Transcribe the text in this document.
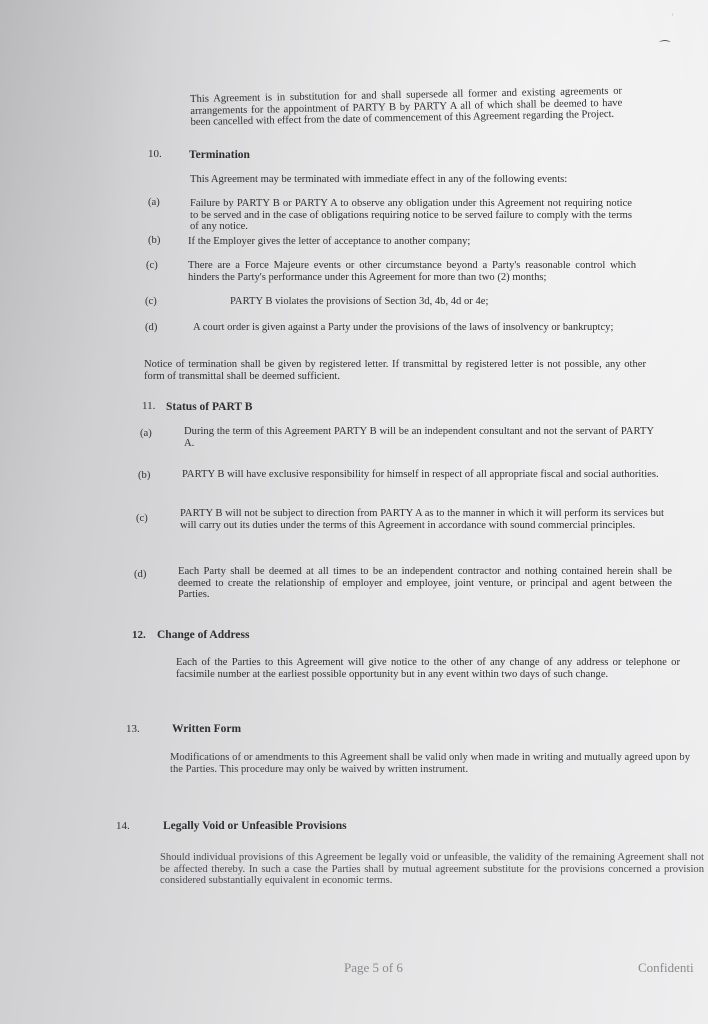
ʼ
⁀
This Agreement is in substitution for and shall supersede all former and existing agreements or arrangements for the appointment of PARTY B by PARTY A all of which shall be deemed to have been cancelled with effect from the date of commencement of this Agreement regarding the Project.
10. Termination
This Agreement may be terminated with immediate effect in any of the following events:
(a)	Failure by PARTY B or PARTY A to observe any obligation under this Agreement not requiring notice to be served and in the case of obligations requiring notice to be served failure to comply with the terms of any notice.
(b)	If the Employer gives the letter of acceptance to another company;
(c)	There are a Force Majeure events or other circumstance beyond a Party's reasonable control which hinders the Party's performance under this Agreement for more than two (2) months;
(c)	PARTY B violates the provisions of Section 3d, 4b, 4d or 4e;
(d)	A court order is given against a Party under the provisions of the laws of insolvency or bankruptcy;
Notice of termination shall be given by registered letter. If transmittal by registered letter is not possible, any other form of transmittal shall be deemed sufficient.
11. Status of PART B
(a)	During the term of this Agreement PARTY B will be an independent consultant and not the servant of PARTY A.
(b)	PARTY B will have exclusive responsibility for himself in respect of all appropriate fiscal and social authorities.
(c)	PARTY B will not be subject to direction from PARTY A as to the manner in which it will perform its services but will carry out its duties under the terms of this Agreement in accordance with sound commercial principles.
(d)	Each Party shall be deemed at all times to be an independent contractor and nothing contained herein shall be deemed to create the relationship of employer and employee, joint venture, or principal and agent between the Parties.
12. Change of Address
Each of the Parties to this Agreement will give notice to the other of any change of any address or telephone or facsimile number at the earliest possible opportunity but in any event within two days of such change.
13.	Written Form
Modifications of or amendments to this Agreement shall be valid only when made in writing and mutually agreed upon by the Parties. This procedure may only be waived by written instrument.
14.	Legally Void or Unfeasible Provisions
Should individual provisions of this Agreement be legally void or unfeasible, the validity of the remaining Agreement shall not be affected thereby. In such a case the Parties shall by mutual agreement substitute for the provisions concerned a provision considered substantially equivalent in economic terms.
Page 5 of 6	Confidenti
